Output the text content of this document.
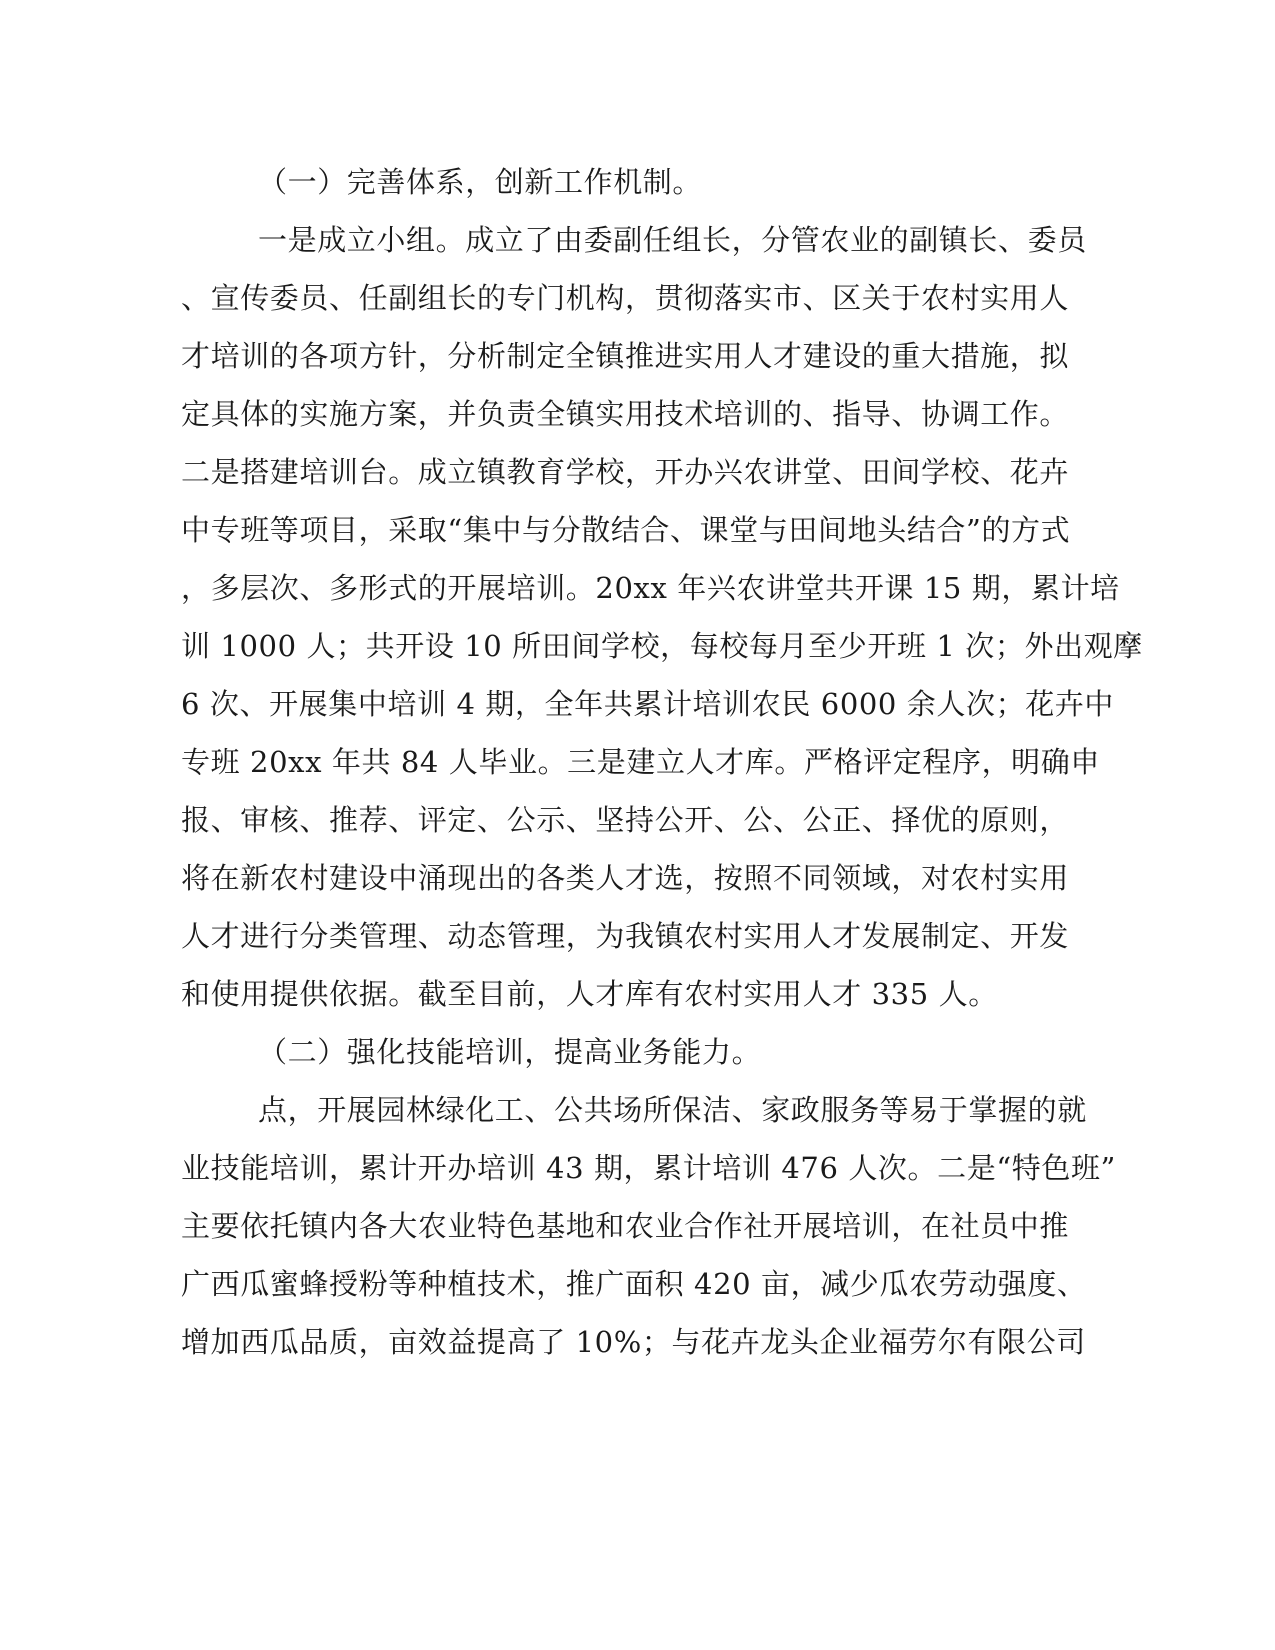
（一）完善体系，创新工作机制。
一是成立小组。成立了由委副任组长，分管农业的副镇长、委员
、宣传委员、任副组长的专门机构，贯彻落实市、区关于农村实用人
才培训的各项方针，分析制定全镇推进实用人才建设的重大措施，拟
定具体的实施方案，并负责全镇实用技术培训的、指导、协调工作。
二是搭建培训台。成立镇教育学校，开办兴农讲堂、田间学校、花卉
中专班等项目，采取“集中与分散结合、课堂与田间地头结合”的方式
，多层次、多形式的开展培训。20xx 年兴农讲堂共开课 15 期，累计培
训 1000 人；共开设 10 所田间学校，每校每月至少开班 1 次；外出观摩
6 次、开展集中培训 4 期，全年共累计培训农民 6000 余人次；花卉中
专班 20xx 年共 84 人毕业。三是建立人才库。严格评定程序，明确申
报、审核、推荐、评定、公示、坚持公开、公、公正、择优的原则，
将在新农村建设中涌现出的各类人才选，按照不同领域，对农村实用
人才进行分类管理、动态管理，为我镇农村实用人才发展制定、开发
和使用提供依据。截至目前，人才库有农村实用人才 335 人。
（二）强化技能培训，提高业务能力。
点，开展园林绿化工、公共场所保洁、家政服务等易于掌握的就
业技能培训，累计开办培训 43 期，累计培训 476 人次。二是“特色班”
主要依托镇内各大农业特色基地和农业合作社开展培训，在社员中推
广西瓜蜜蜂授粉等种植技术，推广面积 420 亩，减少瓜农劳动强度、
增加西瓜品质，亩效益提高了 10%；与花卉龙头企业福劳尔有限公司
